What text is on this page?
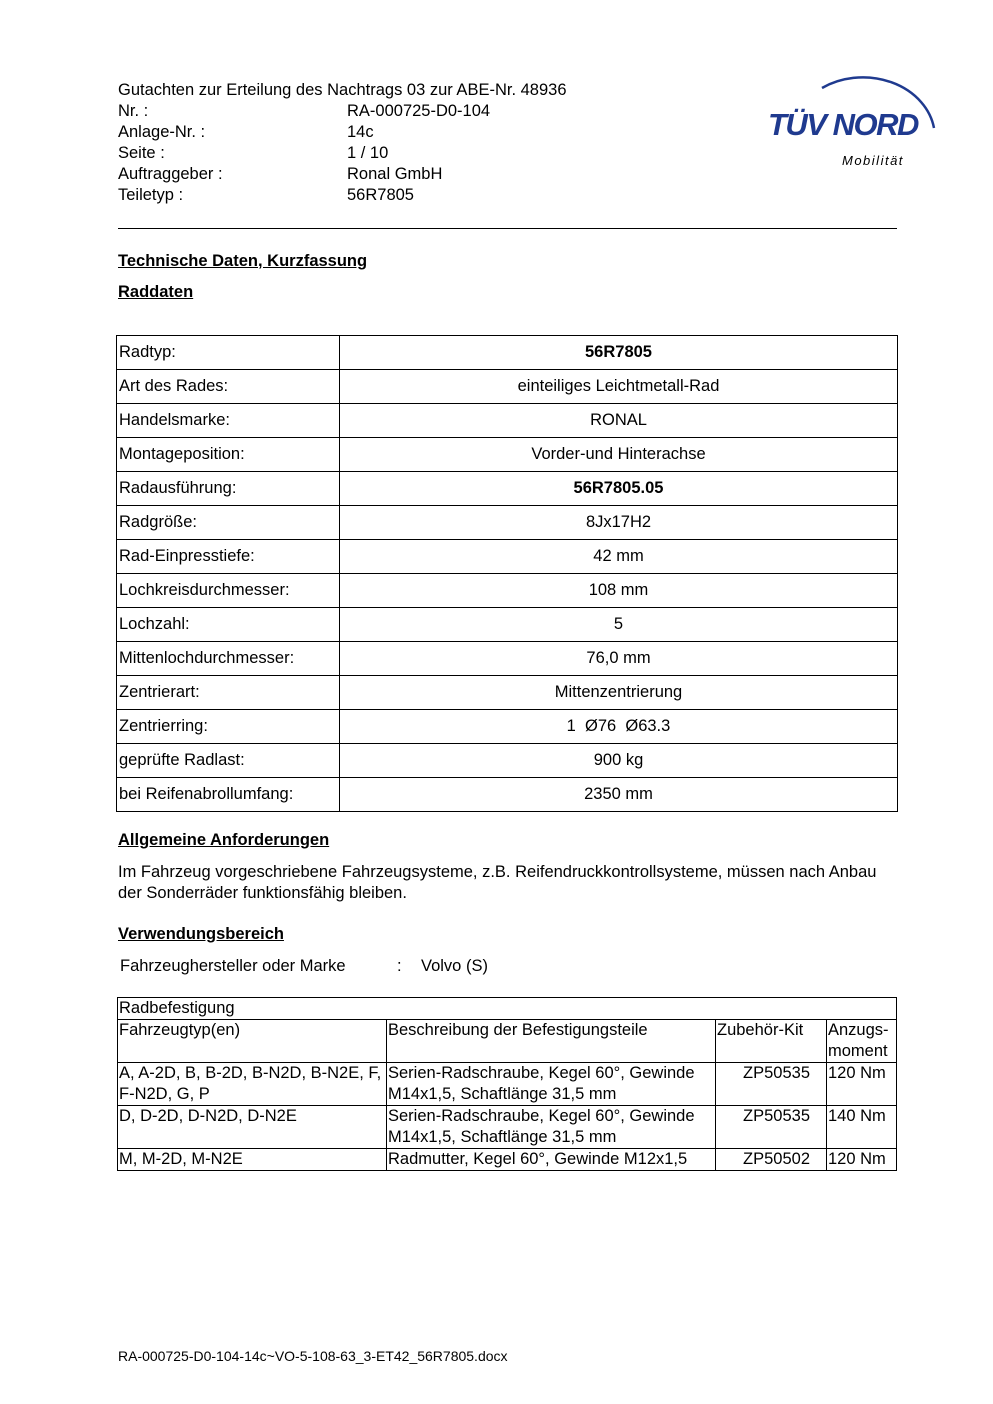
Gutachten zur Erteilung des Nachtrags 03 zur ABE-Nr. 48936
Nr. :	RA-000725-D0-104
Anlage-Nr. :	14c
Seite :	1 / 10
Auftraggeber :	Ronal GmbH
Teiletyp :	56R7805
TÜV NORD
Mobilität
Technische Daten, Kurzfassung
Raddaten
Radtyp:	56R7805
Art des Rades:	einteiliges Leichtmetall-Rad
Handelsmarke:	RONAL
Montageposition:	Vorder-und Hinterachse
Radausführung:	56R7805.05
Radgröße:	8Jx17H2
Rad-Einpresstiefe:	42 mm
Lochkreisdurchmesser:	108 mm
Lochzahl:	5
Mittenlochdurchmesser:	76,0 mm
Zentrierart:	Mittenzentrierung
Zentrierring:	1  Ø76  Ø63.3
geprüfte Radlast:	900 kg
bei Reifenabrollumfang:	2350 mm
Allgemeine Anforderungen
Im Fahrzeug vorgeschriebene Fahrzeugsysteme, z.B. Reifendruckkontrollsysteme, müssen nach Anbau der Sonderräder funktionsfähig bleiben.
Verwendungsbereich
Fahrzeughersteller oder Marke	: Volvo (S)
Radbefestigung			
Fahrzeugtyp(en)	Beschreibung der Befestigungsteile	Zubehör-Kit	Anzugs-moment
A, A-2D, B, B-2D, B-N2D, B-N2E, F, F-N2D, G, P	Serien-Radschraube, Kegel 60°, Gewinde M14x1,5, Schaftlänge 31,5 mm	ZP50535	120 Nm
D, D-2D, D-N2D, D-N2E	Serien-Radschraube, Kegel 60°, Gewinde M14x1,5, Schaftlänge 31,5 mm	ZP50535	140 Nm
M, M-2D, M-N2E	Radmutter, Kegel 60°, Gewinde M12x1,5	ZP50502	120 Nm
RA-000725-D0-104-14c~VO-5-108-63_3-ET42_56R7805.docx
